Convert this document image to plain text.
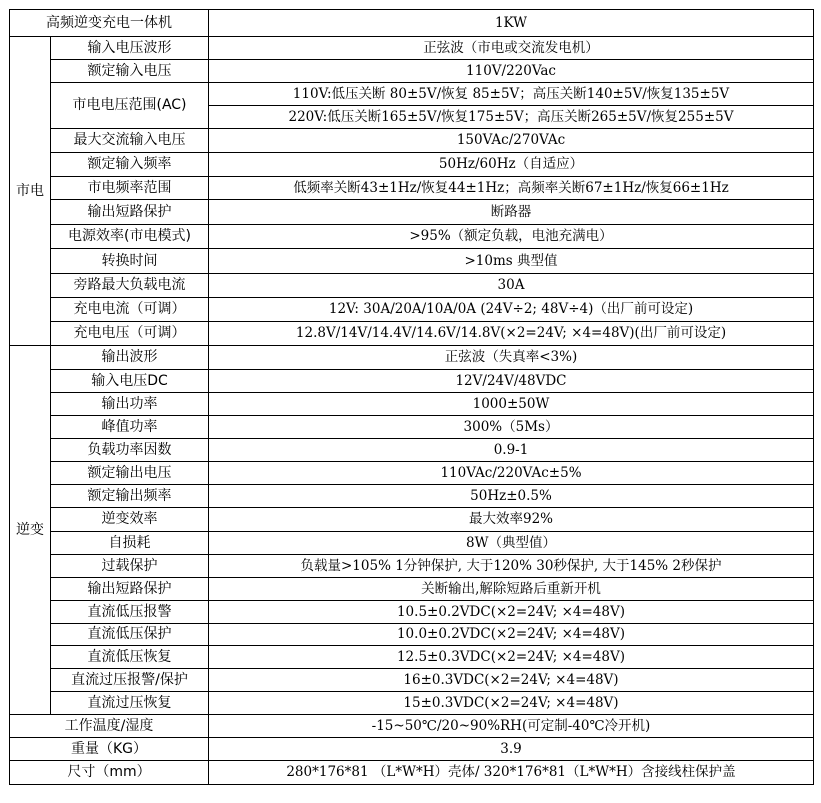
高频逆变充电一体机		1KW
市电	输入电压波形	正弦波（市电或交流发电机）
	额定输入电压	110V/220Vac
	市电电压范围(AC)	110V:低压关断 80±5V/恢复 85±5V；高压关断140±5V/恢复135±5V
		220V:低压关断165±5V/恢复175±5V；高压关断265±5V/恢复255±5V
	最大交流输入电压	150VAc/270VAc
	额定输入频率	50Hz/60Hz（自适应）
	市电频率范围	低频率关断43±1Hz/恢复44±1Hz；高频率关断67±1Hz/恢复66±1Hz
	输出短路保护	断路器
	电源效率(市电模式)	>95%（额定负载，电池充满电）
	转换时间	>10ms 典型值
	旁路最大负载电流	30A
	充电电流（可调）	12V: 30A/20A/10A/0A (24V÷2; 48V÷4)（出厂前可设定)
	充电电压（可调）	12.8V/14V/14.4V/14.6V/14.8V(×2=24V; ×4=48V)(出厂前可设定)
逆变	输出波形	正弦波（失真率<3%)
	输入电压DC	12V/24V/48VDC
	输出功率	1000±50W
	峰值功率	300%（5Ms）
	负载功率因数	0.9-1
	额定输出电压	110VAc/220VAc±5%
	额定输出频率	50Hz±0.5%
	逆变效率	最大效率92%
	自损耗	8W（典型值）
	过载保护	负载量>105% 1分钟保护, 大于120% 30秒保护, 大于145% 2秒保护
	输出短路保护	关断输出,解除短路后重新开机
	直流低压报警	10.5±0.2VDC(×2=24V; ×4=48V)
	直流低压保护	10.0±0.2VDC(×2=24V; ×4=48V)
	直流低压恢复	12.5±0.3VDC(×2=24V; ×4=48V)
	直流过压报警/保护	16±0.3VDC(×2=24V; ×4=48V)
	直流过压恢复	15±0.3VDC(×2=24V; ×4=48V)
工作温度/湿度		-15~50℃/20~90%RH(可定制-40℃冷开机)
重量（KG）		3.9
尺寸（mm）		280*176*81 （L*W*H）壳体/ 320*176*81（L*W*H）含接线柱保护盖
